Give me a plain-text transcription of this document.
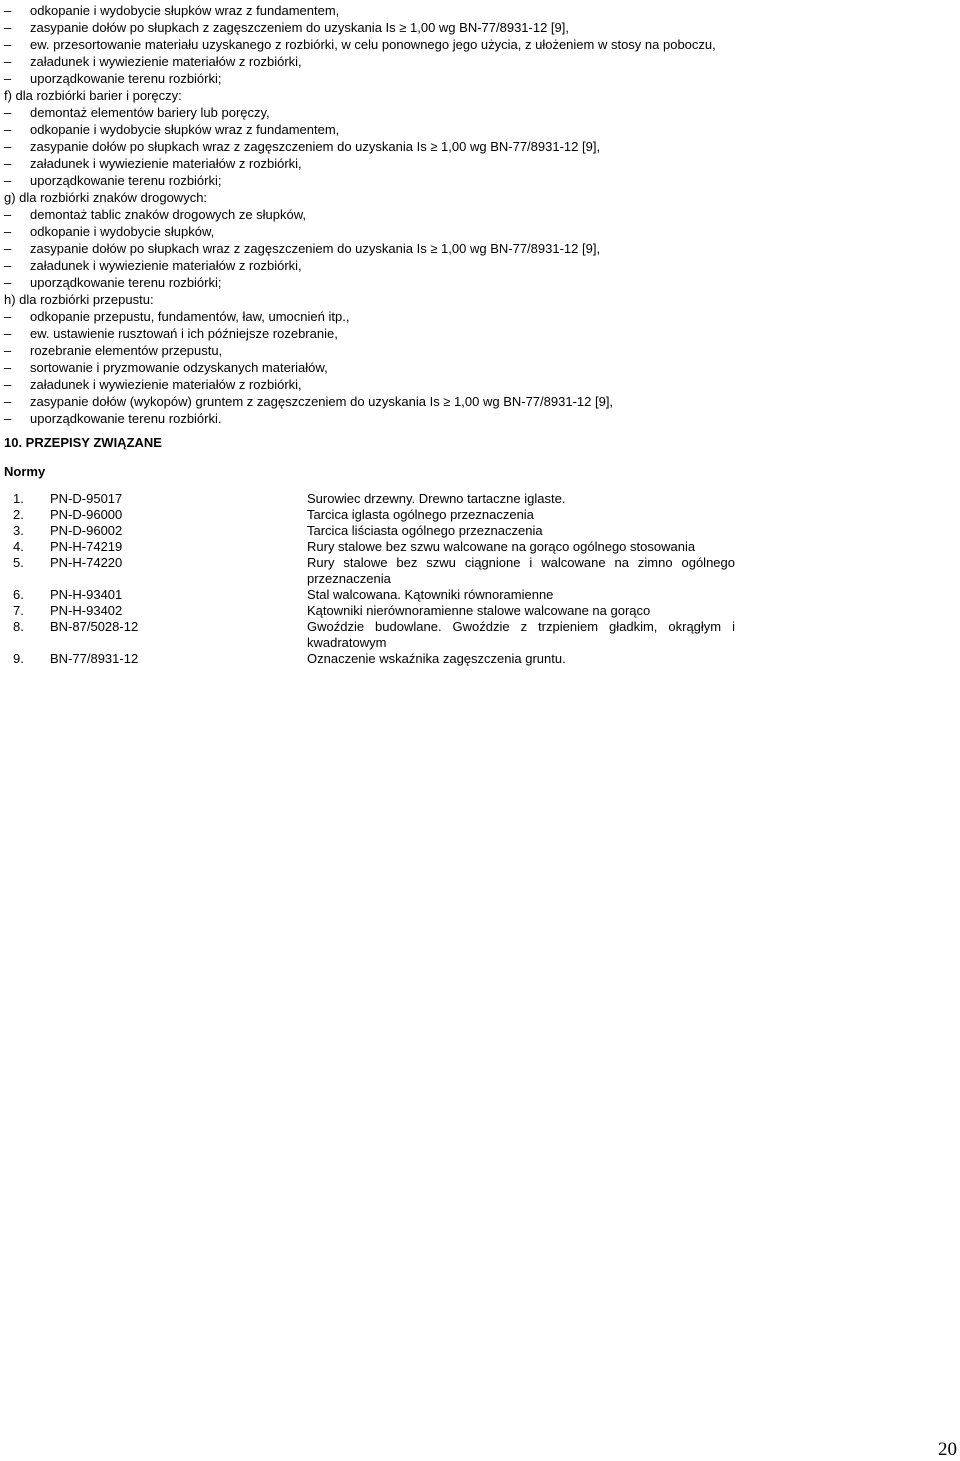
–	odkopanie i wydobycie słupków wraz z fundamentem,
–	zasypanie dołów po słupkach z zagęszczeniem do uzyskania Is ≥ 1,00 wg BN-77/8931-12 [9],
–	ew. przesortowanie materiału uzyskanego z rozbiórki, w celu ponownego jego użycia, z ułożeniem w stosy na poboczu,
–	załadunek i wywiezienie materiałów z rozbiórki,
–	uporządkowanie terenu rozbiórki;
f) dla rozbiórki barier i poręczy:
–	demontaż elementów bariery lub poręczy,
–	odkopanie i wydobycie słupków wraz z fundamentem,
–	zasypanie dołów po słupkach wraz z zagęszczeniem do uzyskania Is ≥ 1,00 wg BN-77/8931-12 [9],
–	załadunek i wywiezienie materiałów z rozbiórki,
–	uporządkowanie terenu rozbiórki;
g) dla rozbiórki znaków drogowych:
–	demontaż tablic znaków drogowych ze słupków,
–	odkopanie i wydobycie słupków,
–	zasypanie dołów po słupkach wraz z zagęszczeniem do uzyskania Is ≥ 1,00 wg BN-77/8931-12 [9],
–	załadunek i wywiezienie materiałów z rozbiórki,
–	uporządkowanie terenu rozbiórki;
h) dla rozbiórki przepustu:
–	odkopanie przepustu, fundamentów, ław, umocnień itp.,
–	ew. ustawienie rusztowań i ich późniejsze rozebranie,
–	rozebranie elementów przepustu,
–	sortowanie i pryzmowanie odzyskanych materiałów,
–	załadunek i wywiezienie materiałów z rozbiórki,
–	zasypanie dołów (wykopów) gruntem z zagęszczeniem do uzyskania Is ≥ 1,00 wg BN-77/8931-12 [9],
–	uporządkowanie terenu rozbiórki.
10. PRZEPISY ZWIĄZANE
Normy
1. PN-D-95017	Surowiec drzewny. Drewno tartaczne iglaste.
2. PN-D-96000	Tarcica iglasta ogólnego przeznaczenia
3. PN-D-96002	Tarcica liściasta ogólnego przeznaczenia
4. PN-H-74219	Rury stalowe bez szwu walcowane na gorąco ogólnego stosowania
5. PN-H-74220	Rury stalowe bez szwu ciągnione i walcowane na zimno ogólnego przeznaczenia
6. PN-H-93401	Stal walcowana. Kątowniki równoramienne
7. PN-H-93402	Kątowniki nierównoramienne stalowe walcowane na gorąco
8. BN-87/5028-12	Gwoździe budowlane. Gwoździe z trzpieniem gładkim, okrągłym i kwadratowym
9. BN-77/8931-12	Oznaczenie wskaźnika zagęszczenia gruntu.
20
